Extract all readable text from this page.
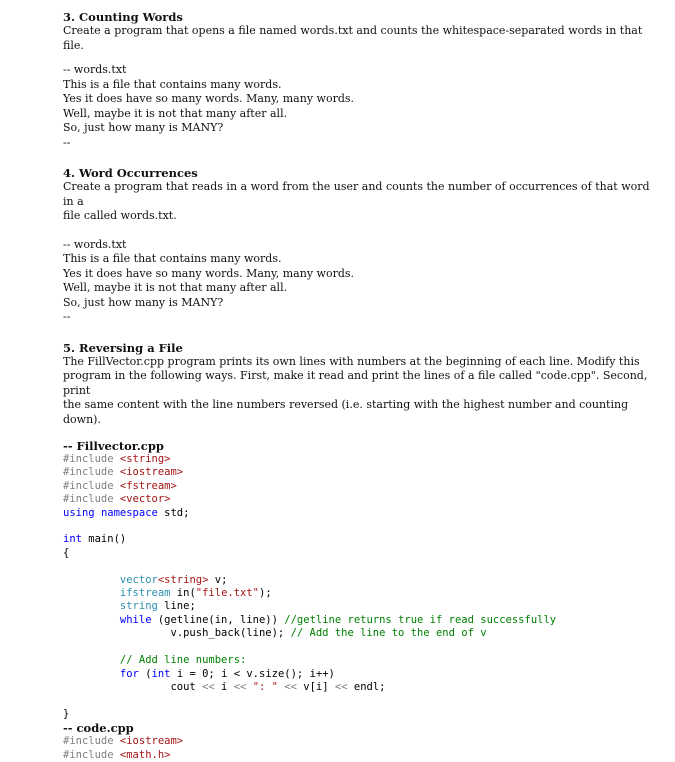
3. Counting Words

Create a program that opens a file named words.txt and counts the whitespace-separated words in that file.

-- words.txt

This is a file that contains many words.

Yes it does have so many words. Many, many words.

Well, maybe it is not that many after all.

So, just how many is MANY?

--

4. Word Occurrences

Create a program that reads in a word from the user and counts the number of occurrences of that word in a

file called words.txt.

-- words.txt

This is a file that contains many words.

Yes it does have so many words. Many, many words.

Well, maybe it is not that many after all.

So, just how many is MANY?

--

5. Reversing a File

The FillVector.cpp program prints its own lines with numbers at the beginning of each line. Modify this

program in the following ways. First, make it read and print the lines of a file called "code.cpp". Second, print

the same content with the line numbers reversed (i.e. starting with the highest number and counting down).

-- Fillvector.cpp

#include <string>
#include <iostream>
#include <fstream>
#include <vector>
using namespace std;

int main()
{

vector<string> v;
ifstream in("file.txt");
string line;
while (getline(in, line)) //getline returns true if read successfully
v.push_back(line); // Add the line to the end of v

// Add line numbers:
for (int i = 0; i < v.size(); i++)
cout << i << ": " << v[i] << endl;

}

-- code.cpp

#include <iostream>
#include <math.h>
